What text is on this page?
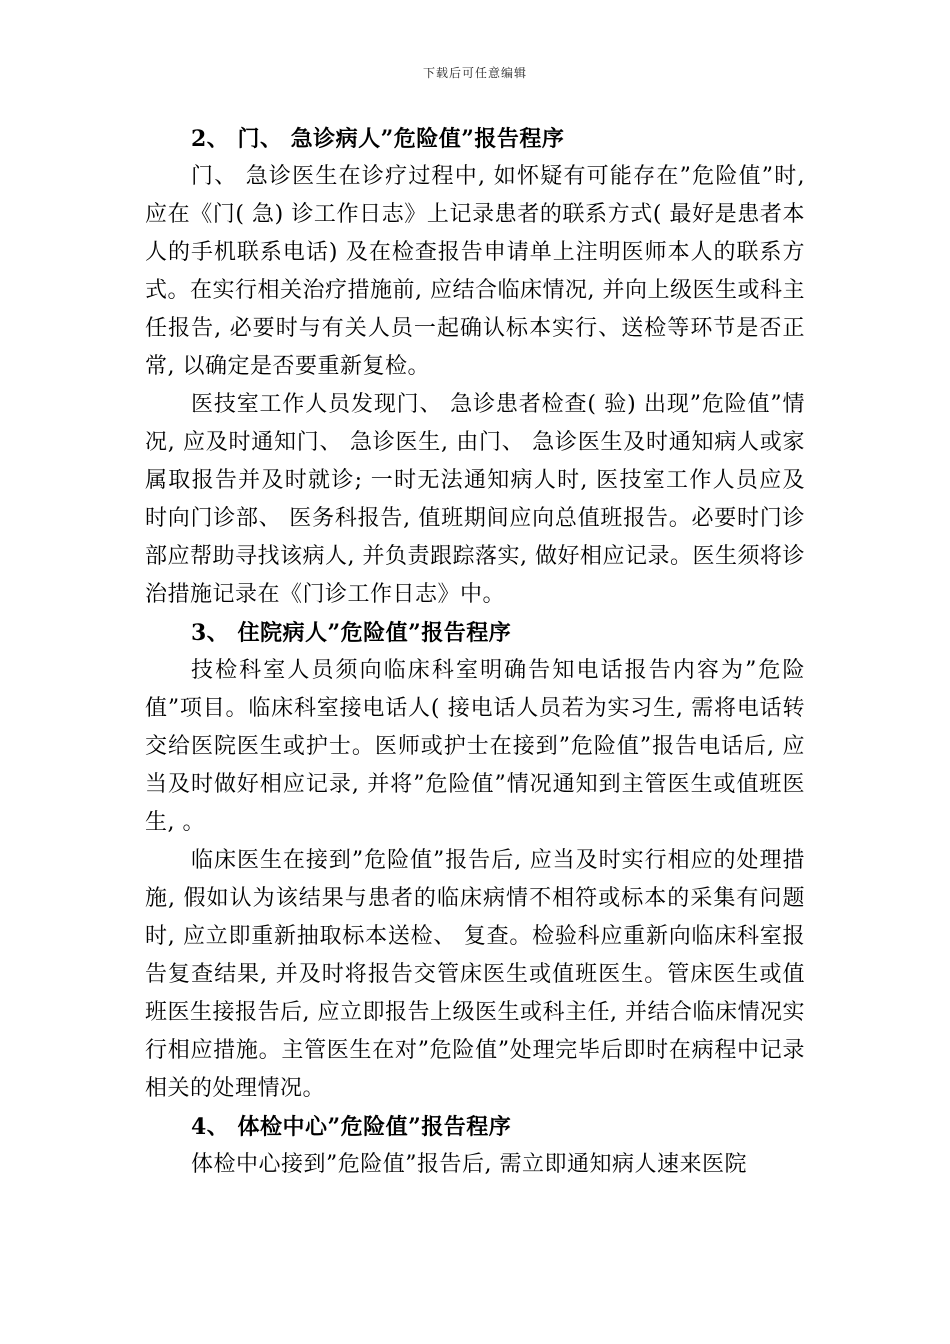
下载后可任意编辑

2、 门、 急诊病人”危险值”报告程序

门、 急诊医生在诊疗过程中, 如怀疑有可能存在”危险值”时, 应在《门( 急) 诊工作日志》上记录患者的联系方式( 最好是患者本人的手机联系电话) 及在检查报告申请单上注明医师本人的联系方式。在实行相关治疗措施前, 应结合临床情况, 并向上级医生或科主任报告, 必要时与有关人员一起确认标本实行、送检等环节是否正常, 以确定是否要重新复检。

医技室工作人员发现门、 急诊患者检查( 验) 出现”危险值”情况, 应及时通知门、 急诊医生, 由门、 急诊医生及时通知病人或家属取报告并及时就诊; 一时无法通知病人时, 医技室工作人员应及时向门诊部、 医务科报告, 值班期间应向总值班报告。必要时门诊部应帮助寻找该病人, 并负责跟踪落实, 做好相应记录。医生须将诊治措施记录在《门诊工作日志》中。

3、 住院病人”危险值”报告程序

技检科室人员须向临床科室明确告知电话报告内容为”危险值”项目。临床科室接电话人( 接电话人员若为实习生, 需将电话转交给医院医生或护士。医师或护士在接到”危险值”报告电话后, 应当及时做好相应记录, 并将”危险值”情况通知到主管医生或值班医生, 。

临床医生在接到”危险值”报告后, 应当及时实行相应的处理措施, 假如认为该结果与患者的临床病情不相符或标本的采集有问题时, 应立即重新抽取标本送检、 复查。检验科应重新向临床科室报告复查结果, 并及时将报告交管床医生或值班医生。管床医生或值班医生接报告后, 应立即报告上级医生或科主任, 并结合临床情况实行相应措施。主管医生在对”危险值”处理完毕后即时在病程中记录相关的处理情况。

4、 体检中心”危险值”报告程序

体检中心接到”危险值”报告后, 需立即通知病人速来医院
